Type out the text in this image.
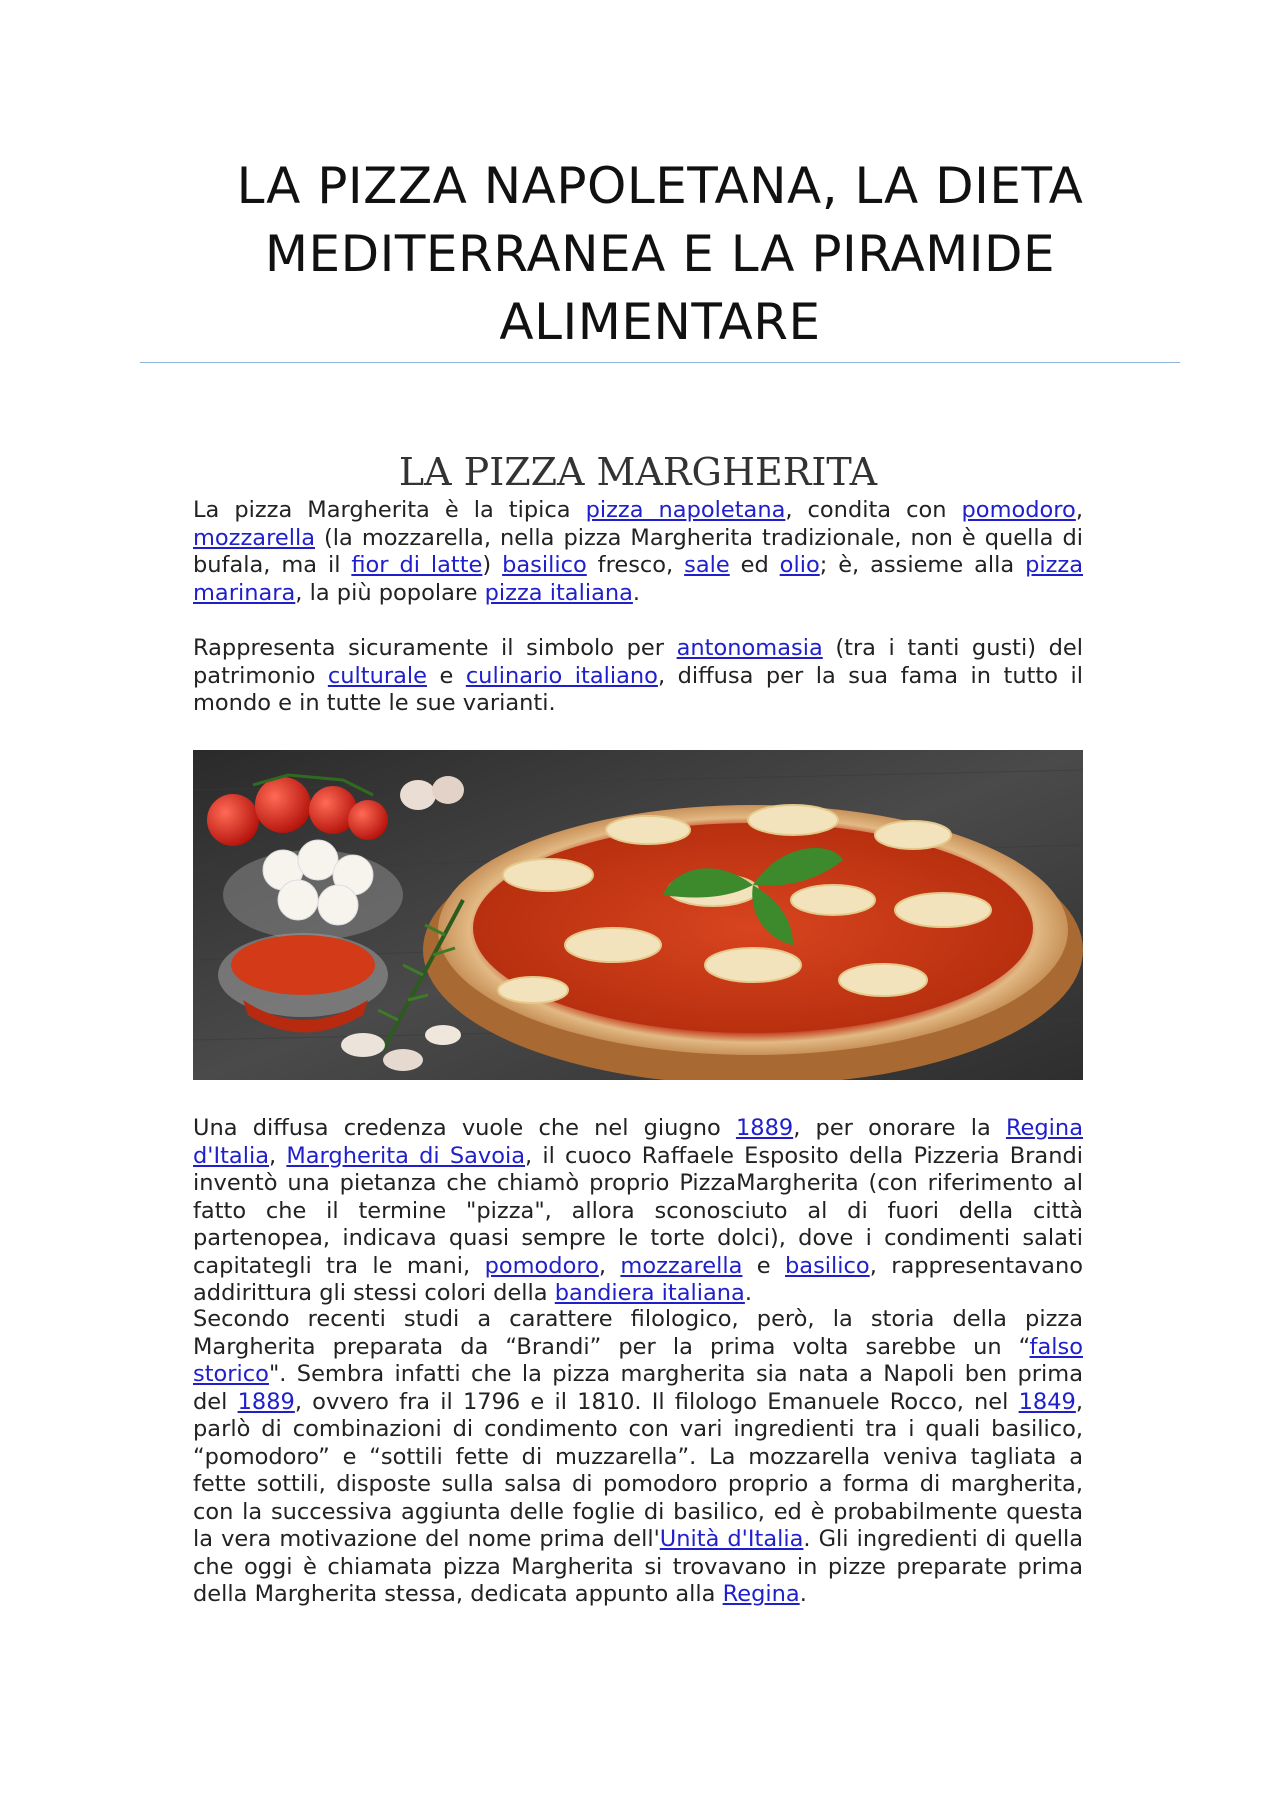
LA PIZZA NAPOLETANA, LA DIETA MEDITERRANEA E LA PIRAMIDE ALIMENTARE
LA PIZZA MARGHERITA

La pizza Margherita è la tipica pizza napoletana, condita con pomodoro, mozzarella (la mozzarella, nella pizza Margherita tradizionale, non è quella di bufala, ma il fior di latte) basilico fresco, sale ed olio; è, assieme alla pizza marinara, la più popolare pizza italiana.

Rappresenta sicuramente il simbolo per antonomasia (tra i tanti gusti) del patrimonio culturale e culinario italiano, diffusa per la sua fama in tutto il mondo e in tutte le sue varianti.

Una diffusa credenza vuole che nel giugno 1889, per onorare la Regina d'Italia, Margherita di Savoia, il cuoco Raffaele Esposito della Pizzeria Brandi inventò una pietanza che chiamò proprio PizzaMargherita (con riferimento al fatto che il termine "pizza", allora sconosciuto al di fuori della città partenopea, indicava quasi sempre le torte dolci), dove i condimenti salati capitategli tra le mani, pomodoro, mozzarella e basilico, rappresentavano addirittura gli stessi colori della bandiera italiana.

Secondo recenti studi a carattere filologico, però, la storia della pizza Margherita preparata da “Brandi” per la prima volta sarebbe un “falso storico". Sembra infatti che la pizza margherita sia nata a Napoli ben prima del 1889, ovvero fra il 1796 e il 1810. Il filologo Emanuele Rocco, nel 1849, parlò di combinazioni di condimento con vari ingredienti tra i quali basilico, “pomodoro” e “sottili fette di muzzarella”. La mozzarella veniva tagliata a fette sottili, disposte sulla salsa di pomodoro proprio a forma di margherita, con la successiva aggiunta delle foglie di basilico, ed è probabilmente questa la vera motivazione del nome prima dell'Unità d'Italia. Gli ingredienti di quella che oggi è chiamata pizza Margherita si trovavano in pizze preparate prima della Margherita stessa, dedicata appunto alla Regina.
